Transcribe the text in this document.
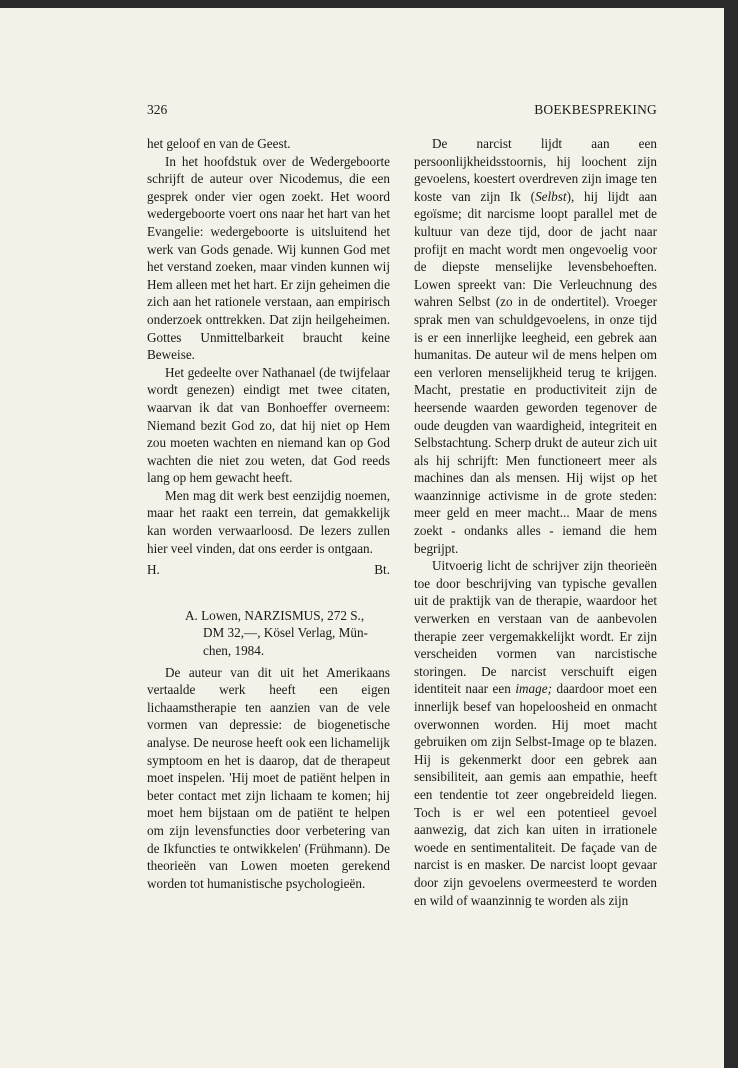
326	BOEKBESPREKING

het geloof en van de Geest.

In het hoofdstuk over de Wedergeboorte schrijft de auteur over Nicodemus, die een gesprek onder vier ogen zoekt. Het woord wedergeboorte voert ons naar het hart van het Evangelie: wedergeboorte is uitsluitend het werk van Gods genade. Wij kunnen God met het verstand zoeken, maar vinden kunnen wij Hem alleen met het hart. Er zijn geheimen die zich aan het rationele verstaan, aan empirisch onderzoek onttrekken. Dat zijn heilgeheimen. Gottes Unmittelbarkeit braucht keine Beweise.

Het gedeelte over Nathanael (de twijfelaar wordt genezen) eindigt met twee citaten, waarvan ik dat van Bonhoeffer overneem: Niemand bezit God zo, dat hij niet op Hem zou moeten wachten en niemand kan op God wachten die niet zou weten, dat God reeds lang op hem gewacht heeft.

Men mag dit werk best eenzijdig noemen, maar het raakt een terrein, dat gemakkelijk kan worden verwaarloosd. De lezers zullen hier veel vinden, dat ons eerder is ontgaan.

H.	Bt.
A. Lowen, NARZISMUS, 272 S.,
DM 32,—, Kösel Verlag, Mün-
chen, 1984.

De auteur van dit uit het Amerikaans vertaalde werk heeft een eigen lichaamstherapie ten aanzien van de vele vormen van depressie: de biogenetische analyse. De neurose heeft ook een lichamelijk symptoom en het is daarop, dat de therapeut moet inspelen. 'Hij moet de patiënt helpen in beter contact met zijn lichaam te komen; hij moet hem bijstaan om de patiënt te helpen om zijn levensfuncties door verbetering van de Ikfuncties te ontwikkelen' (Frühmann). De theorieën van Lowen moeten gerekend worden tot humanistische psychologieën.

De narcist lijdt aan een persoonlijkheidsstoornis, hij loochent zijn gevoelens, koestert overdreven zijn image ten koste van zijn Ik (Selbst), hij lijdt aan egoïsme; dit narcisme loopt parallel met de kultuur van deze tijd, door de jacht naar profijt en macht wordt men ongevoelig voor de diepste menselijke levensbehoeften. Lowen spreekt van: Die Verleuchnung des wahren Selbst (zo in de ondertitel). Vroeger sprak men van schuldgevoelens, in onze tijd is er een innerlijke leegheid, een gebrek aan humanitas. De auteur wil de mens helpen om een verloren menselijkheid terug te krijgen. Macht, prestatie en productiviteit zijn de heersende waarden geworden tegenover de oude deugden van waardigheid, integriteit en Selbstachtung. Scherp drukt de auteur zich uit als hij schrijft: Men functioneert meer als machines dan als mensen. Hij wijst op het waanzinnige activisme in de grote steden: meer geld en meer macht... Maar de mens zoekt - ondanks alles - iemand die hem begrijpt.

Uitvoerig licht de schrijver zijn theorieën toe door beschrijving van typische gevallen uit de praktijk van de therapie, waardoor het verwerken en verstaan van de aanbevolen therapie zeer vergemakkelijkt wordt. Er zijn verscheiden vormen van narcistische storingen. De narcist verschuift eigen identiteit naar een image; daardoor moet een innerlijk besef van hopeloosheid en onmacht overwonnen worden. Hij moet macht gebruiken om zijn Selbst-Image op te blazen. Hij is gekenmerkt door een gebrek aan sensibiliteit, aan gemis aan empathie, heeft een tendentie tot zeer ongebreideld liegen. Toch is er wel een potentieel gevoel aanwezig, dat zich kan uiten in irrationele woede en sentimentaliteit. De façade van de narcist is en masker. De narcist loopt gevaar door zijn gevoelens overmeesterd te worden en wild of waanzinnig te worden als zijn
